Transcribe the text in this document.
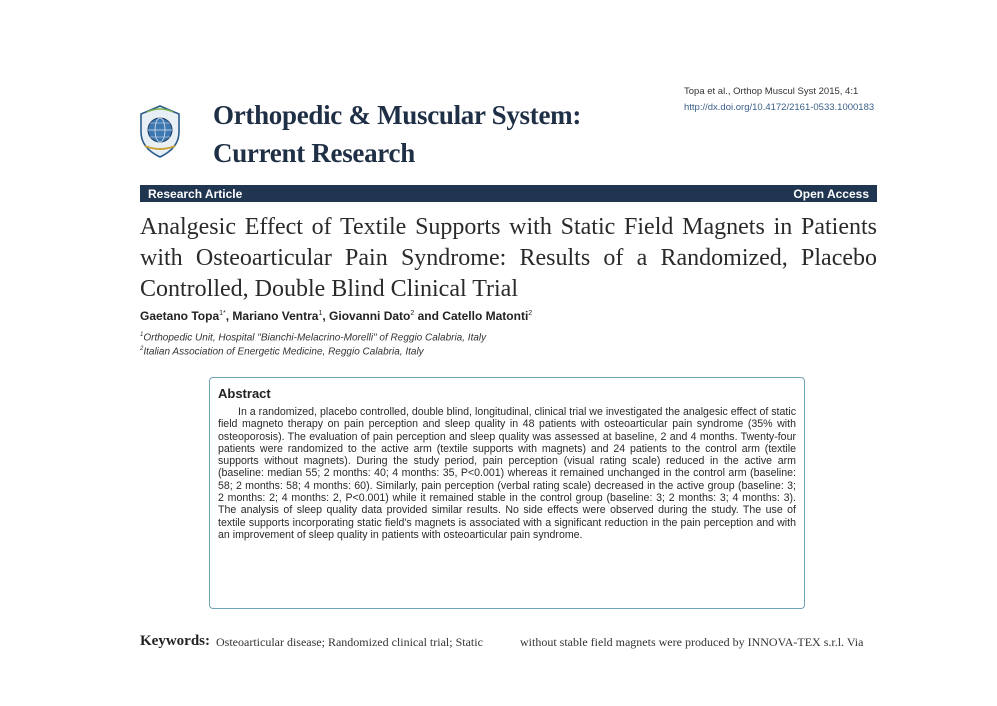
Orthopedic & Muscular System:
Current Research
Topa et al., Orthop Muscul Syst 2015, 4:1
http://dx.doi.org/10.4172/2161-0533.1000183
Research Article	Open Access
Analgesic Effect of Textile Supports with Static Field Magnets in Patients with Osteoarticular Pain Syndrome: Results of a Randomized, Placebo Controlled, Double Blind Clinical Trial
Gaetano Topa$^{1*}$, Mariano Ventra$^1$, Giovanni Dato$^2$ and Catello Matonti$^2$
$^1$Orthopedic Unit, Hospital "Bianchi-Melacrino-Morelli" of Reggio Calabria, Italy
$^2$Italian Association of Energetic Medicine, Reggio Calabria, Italy
Abstract

In a randomized, placebo controlled, double blind, longitudinal, clinical trial we investigated the analgesic effect of static field magneto therapy on pain perception and sleep quality in 48 patients with osteoarticular pain syndrome (35% with osteoporosis). The evaluation of pain perception and sleep quality was assessed at baseline, 2 and 4 months. Twenty-four patients were randomized to the active arm (textile supports with magnets) and 24 patients to the control arm (textile supports without magnets). During the study period, pain perception (visual rating scale) reduced in the active arm (baseline: median 55; 2 months: 40; 4 months: 35, P<0.001) whereas it remained unchanged in the control arm (baseline: 58; 2 months: 58; 4 months: 60). Similarly, pain perception (verbal rating scale) decreased in the active group (baseline: 3; 2 months: 2; 4 months: 2, P<0.001) while it remained stable in the control group (baseline: 3; 2 months: 3; 4 months: 3). The analysis of sleep quality data provided similar results. No side effects were observed during the study. The use of textile supports incorporating static field's magnets is associated with a significant reduction in the pain perception and with an improvement of sleep quality in patients with osteoarticular pain syndrome.

Keywords: Osteoarticular disease; Randomized clinical trial; Static	without stable field magnets were produced by INNOVA-TEX s.r.l. Via
